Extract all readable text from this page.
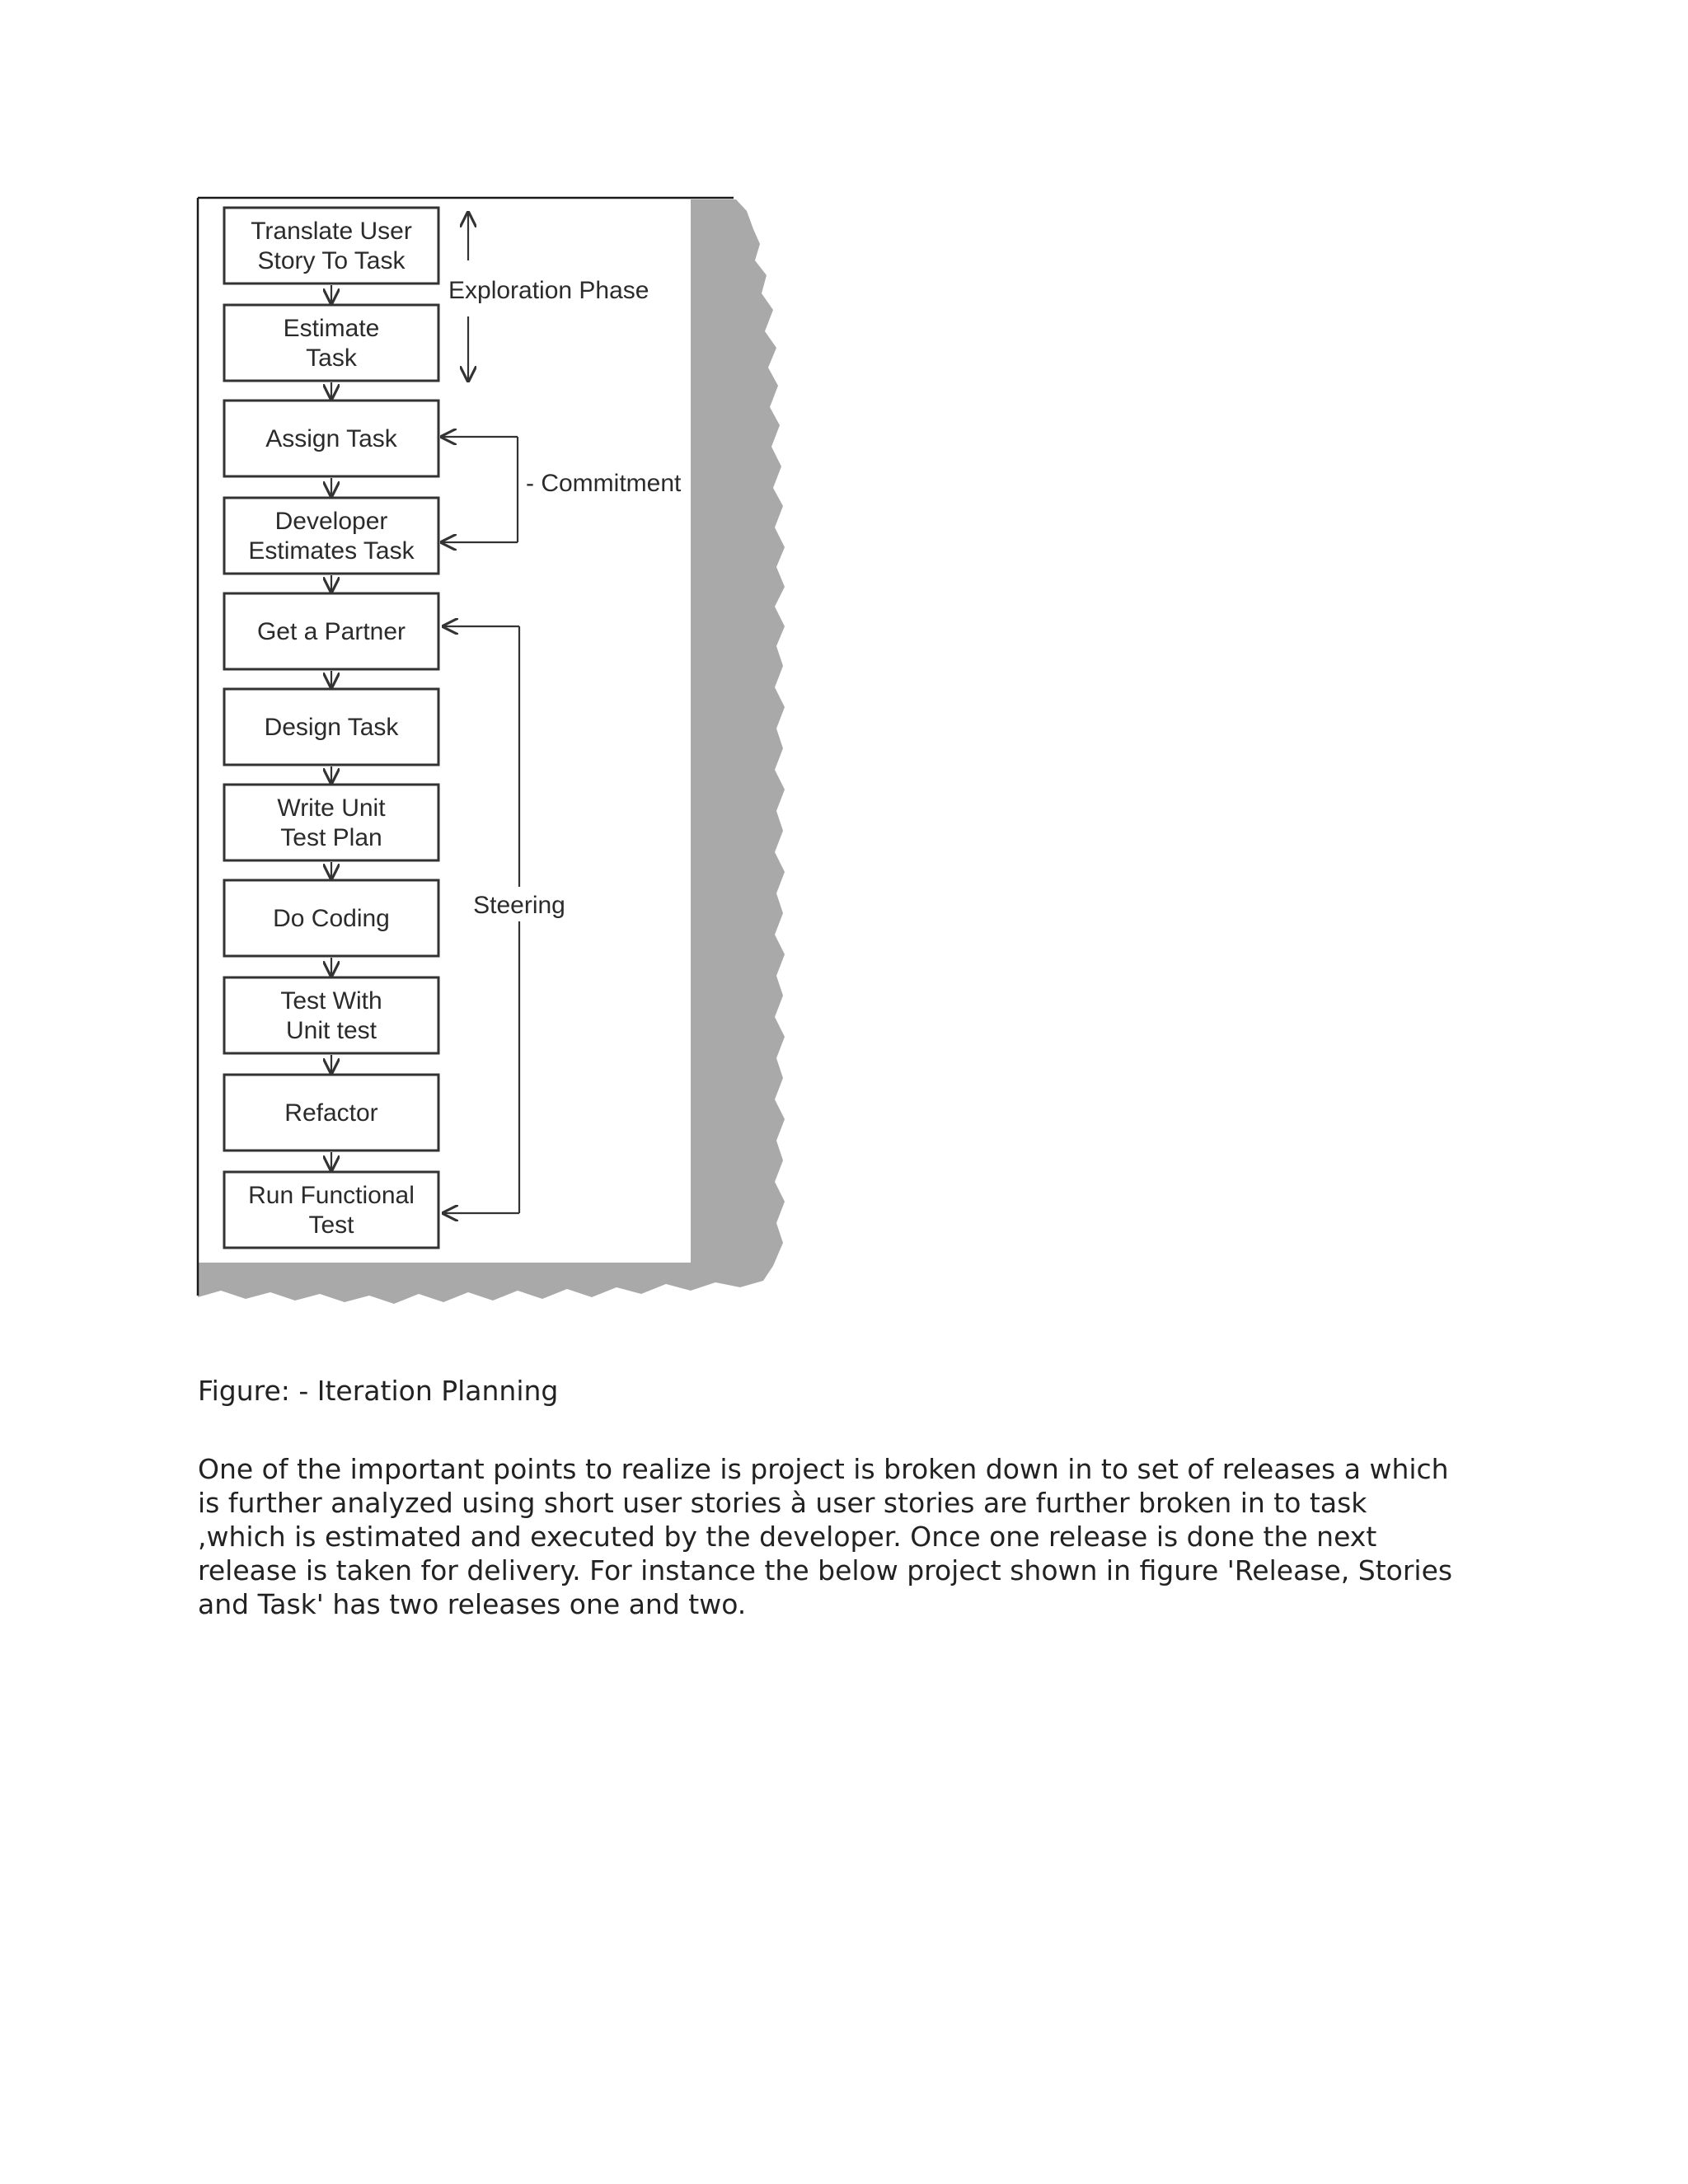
Translate User
Story To Task
Estimate
Task
Assign Task
Developer
Estimates Task
Get a Partner
Design Task
Write Unit
Test Plan
Do Coding
Test With
Unit test
Refactor
Run Functional
Test
Exploration Phase
- Commitment
Steering

Figure: - Iteration Planning

One of the important points to realize is project is broken down in to set of releases a which
is further analyzed using short user stories à user stories are further broken in to task
,which is estimated and executed by the developer. Once one release is done the next
release is taken for delivery. For instance the below project shown in figure 'Release, Stories
and Task' has two releases one and two.
